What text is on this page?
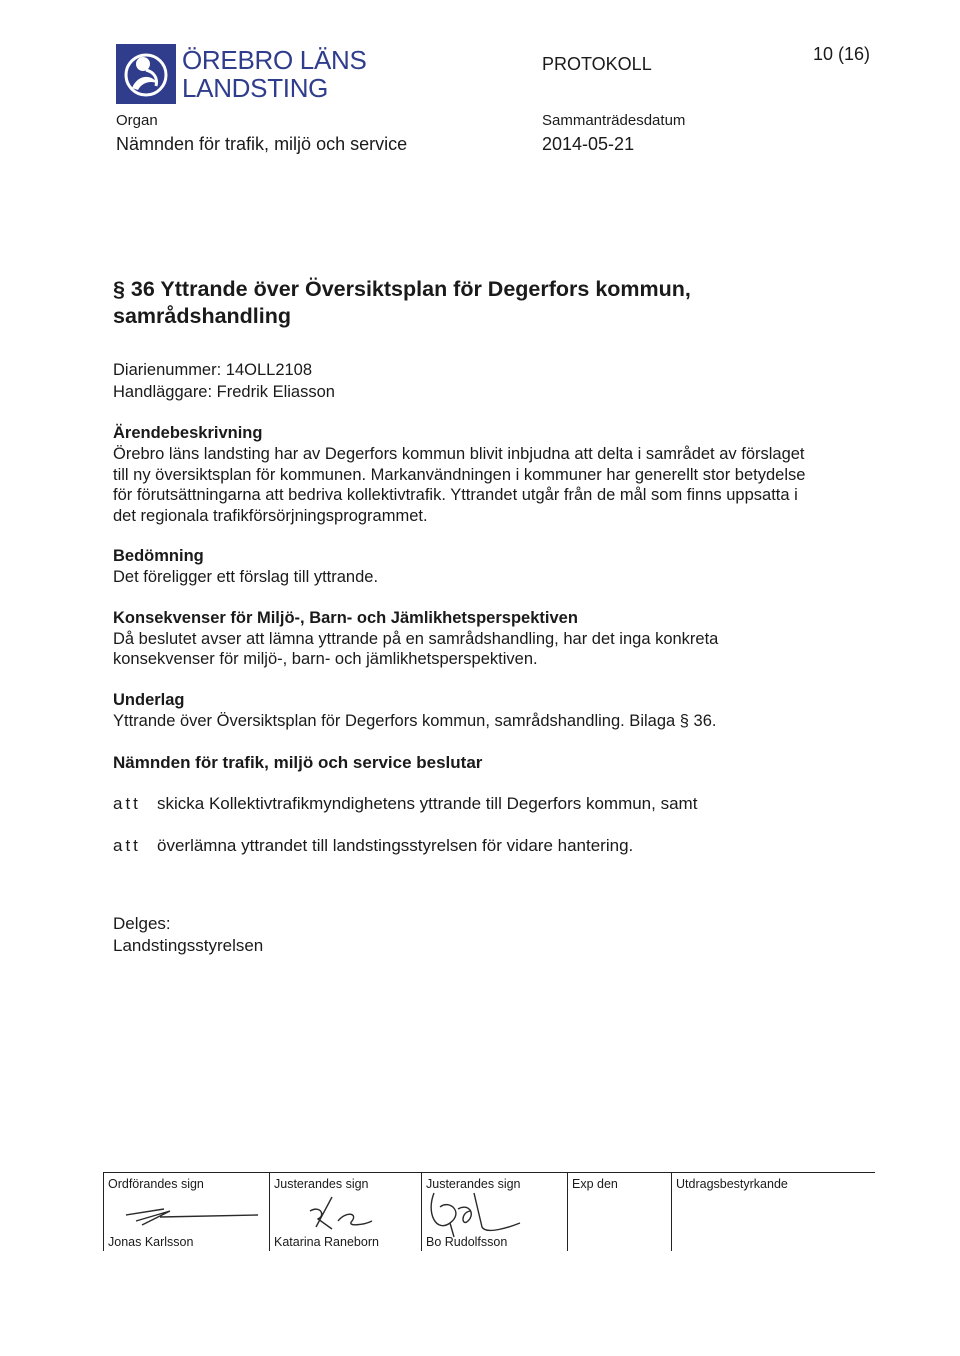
ÖREBRO LÄNS
LANDSTING
PROTOKOLL	10 (16)
Organ
Nämnden för trafik, miljö och service
Sammanträdesdatum
2014-05-21
§ 36 Yttrande över Översiktsplan för Degerfors kommun,
samrådshandling
Diarienummer: 14OLL2108
Handläggare: Fredrik Eliasson
Ärendebeskrivning
Örebro läns landsting har av Degerfors kommun blivit inbjudna att delta i samrådet av förslaget
till ny översiktsplan för kommunen. Markanvändningen i kommuner har generellt stor betydelse
för förutsättningarna att bedriva kollektivtrafik. Yttrandet utgår från de mål som finns uppsatta i
det regionala trafikförsörjningsprogrammet.
Bedömning
Det föreligger ett förslag till yttrande.
Konsekvenser för Miljö-, Barn- och Jämlikhetsperspektiven
Då beslutet avser att lämna yttrande på en samrådshandling, har det inga konkreta
konsekvenser för miljö-, barn- och jämlikhetsperspektiven.
Underlag
Yttrande över Översiktsplan för Degerfors kommun, samrådshandling. Bilaga § 36.
Nämnden för trafik, miljö och service beslutar
att skicka Kollektivtrafikmyndighetens yttrande till Degerfors kommun, samt
att överlämna yttrandet till landstingsstyrelsen för vidare hantering.
Delges:
Landstingsstyrelsen
Ordförandes sign
Jonas Karlsson
Justerandes sign
Katarina Raneborn
Justerandes sign
Bo Rudolfsson
Exp den	Utdragsbestyrkande
